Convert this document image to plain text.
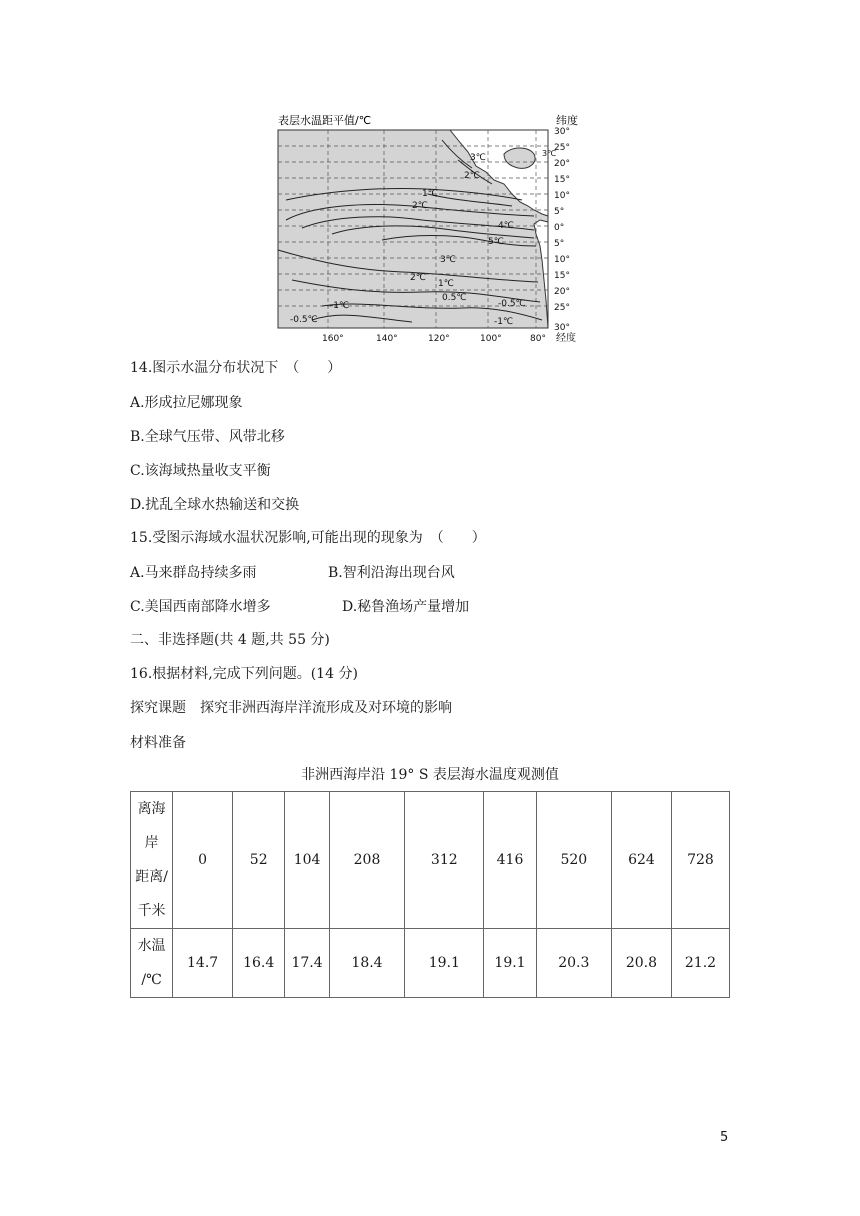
表层水温距平值/℃	纬度
3℃
2℃
3℃
1℃
2℃
4℃
5℃
3℃
2℃
1℃
0.5℃
-1℃
-0.5℃
-0.5℃
-1℃
30°
25°
20°
15°
10°
5°
0°
5°
10°
15°
20°
25°
30°
160°	140°	120°	100°	80° 经度
14.图示水温分布状况下　（　　）
A.形成拉尼娜现象
B.全球气压带、风带北移
C.该海域热量收支平衡
D.扰乱全球水热输送和交换
15.受图示海域水温状况影响,可能出现的现象为　（　　）
A.马来群岛持续多雨	B.智利沿海出现台风
C.美国西南部降水增多	D.秘鲁渔场产量增加
二、非选择题(共 4 题,共 55 分)
16.根据材料,完成下列问题。(14 分)
探究课题　探究非洲西海岸洋流形成及对环境的影响
材料准备
非洲西海岸沿 19° S 表层海水温度观测值
离海
岸
距离/
千米	0	52	104	208	312	416	520	624	728

水温
/℃	14.7	16.4	17.4	18.4	19.1	19.1	20.3	20.8	21.2
5
